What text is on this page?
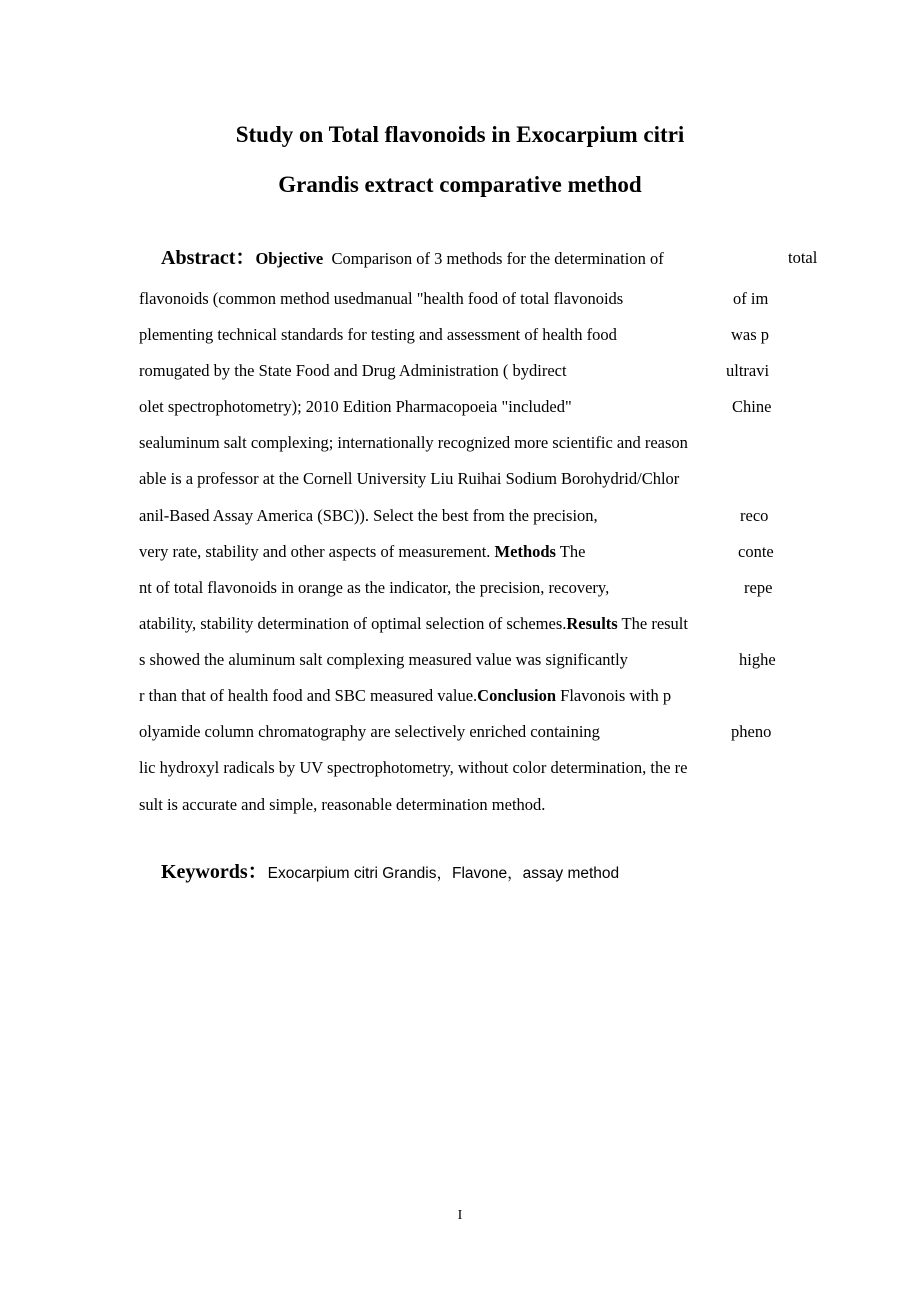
Study on Total flavonoids in Exocarpium citri
Grandis extract comparative method
Abstract：Objective Comparison of 3 methods for the determination of	total
flavonoids (common method usedmanual "health food of total flavonoids	of im
plementing technical standards for testing and assessment of health food	was p
romugated by the State Food and Drug Administration ( bydirect	ultravi
olet spectrophotometry); 2010 Edition Pharmacopoeia "included"	Chine
sealuminum salt complexing; internationally recognized more scientific and reason
able is a professor at the Cornell University Liu Ruihai Sodium Borohydrid/Chlor
anil-Based Assay America (SBC)). Select the best from the precision,	reco
very rate, stability and other aspects of measurement. Methods The	conte
nt of total flavonoids in orange as the indicator, the precision, recovery,	repe
atability, stability determination of optimal selection of schemes.Results The result
s showed the aluminum salt complexing measured value was significantly	highe
r than that of health food and SBC measured value.Conclusion Flavonois with p
olyamide column chromatography are selectively enriched containing	pheno
lic hydroxyl radicals by UV spectrophotometry, without color determination, the re
sult is accurate and simple, reasonable determination method.
Keywords：Exocarpium citri Grandis，Flavone，assay method
I
